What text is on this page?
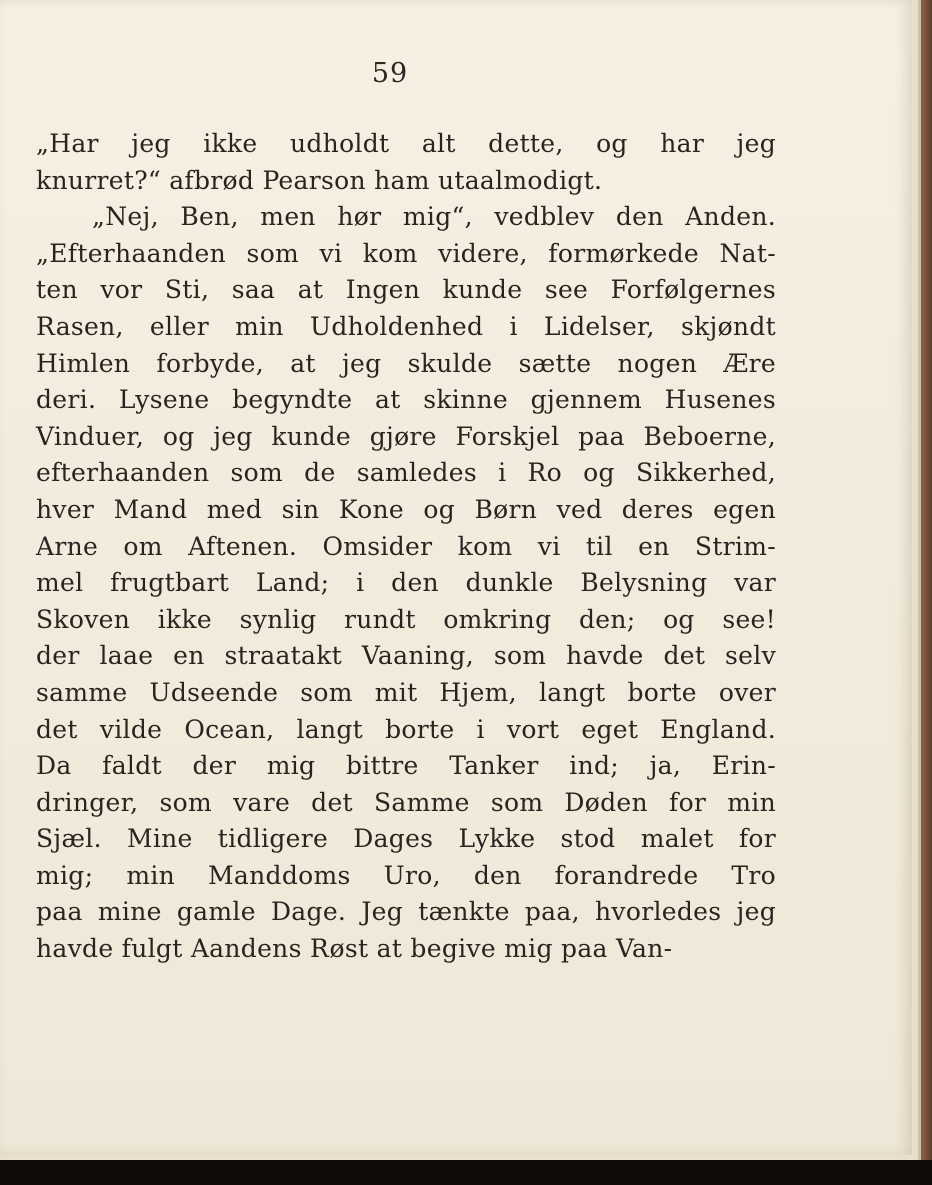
59
„Har jeg ikke udholdt alt dette, og har jeg
knurret?“ afbrød Pearson ham utaalmodigt.
„Nej, Ben, men hør mig“, vedblev den Anden.
„Efterhaanden som vi kom videre, formørkede Nat-
ten vor Sti, saa at Ingen kunde see Forfølgernes
Rasen, eller min Udholdenhed i Lidelser, skjøndt
Himlen forbyde, at jeg skulde sætte nogen Ære
deri. Lysene begyndte at skinne gjennem Husenes
Vinduer, og jeg kunde gjøre Forskjel paa Beboerne,
efterhaanden som de samledes i Ro og Sikkerhed,
hver Mand med sin Kone og Børn ved deres egen
Arne om Aftenen. Omsider kom vi til en Strim-
mel frugtbart Land; i den dunkle Belysning var
Skoven ikke synlig rundt omkring den; og see!
der laae en straatakt Vaaning, som havde det selv
samme Udseende som mit Hjem, langt borte over
det vilde Ocean, langt borte i vort eget England.
Da faldt der mig bittre Tanker ind; ja, Erin-
dringer, som vare det Samme som Døden for min
Sjæl. Mine tidligere Dages Lykke stod malet for
mig; min Manddoms Uro, den forandrede Tro
paa mine gamle Dage. Jeg tænkte paa, hvorledes jeg
havde fulgt Aandens Røst at begive mig paa Van-
